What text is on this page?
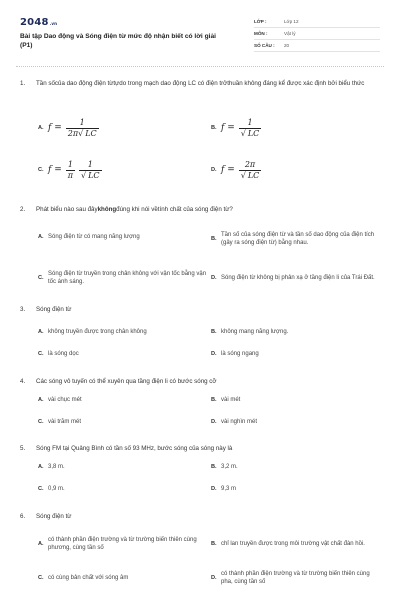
2048.vn
Bài tập Dao động và Sóng điện từ mức độ nhận biết có lời giải (P1)
LỚP :	Lớp 12
MÔN :	Vật lý
SỐ CÂU :	20
1.	Tần sốcủa dao động điện từtựdo trong mạch dao động LC có điện trởthuần không đáng kể được xác định bởi biểu thức
A. $f = \frac{1}{2\pi√ LC}$	B. $f = \frac{1}{√ LC}$
C. $f = \frac{1}{\pi} \frac{1}{√ LC}$	D. $f = \frac{2\pi}{√ LC}$
2.	Phát biểu nào sau đâykhôngđúng khi nói vềtính chất của sóng điện từ?
A. Sóng điện từ có mang năng lượng	B.
Tần số của sóng điện từ và tần số dao động của điện tích (gây ra sóng điện từ) bằng nhau.
C.
Sóng điện từ truyền trong chân không với vận tốc bằng vận tốc ánh sáng.
D. Sóng điện từ không bị phản xạ ở tầng điện li của Trái Đất.
3.	Sóng điện từ
A. không truyền được trong chân không	B. không mang năng lượng.
C. là sóng dọc	D. là sóng ngang
4.	Các sóng vô tuyến có thể xuyên qua tầng điện li có bước sóng cỡ
A. vài chục mét	B. vài mét
C. vài trăm mét	D. vài nghìn mét
5.	Sóng FM tại Quảng Bình có tần số 93 MHz, bước sóng của sóng này là
A. 3,8 m.	B. 3,2 m.
C. 0,9 m.	D. 9,3 m
6.	Sóng điện từ
A.
có thành phần điện trường và từ trường biến thiên cùng phương, cùng tần số
B. chỉ lan truyền được trong môi trường vật chất đàn hồi.
C. có cùng bản chất với sóng âm	D.
có thành phần điện trường và từ trường biến thiên cùng pha, cùng tần số
